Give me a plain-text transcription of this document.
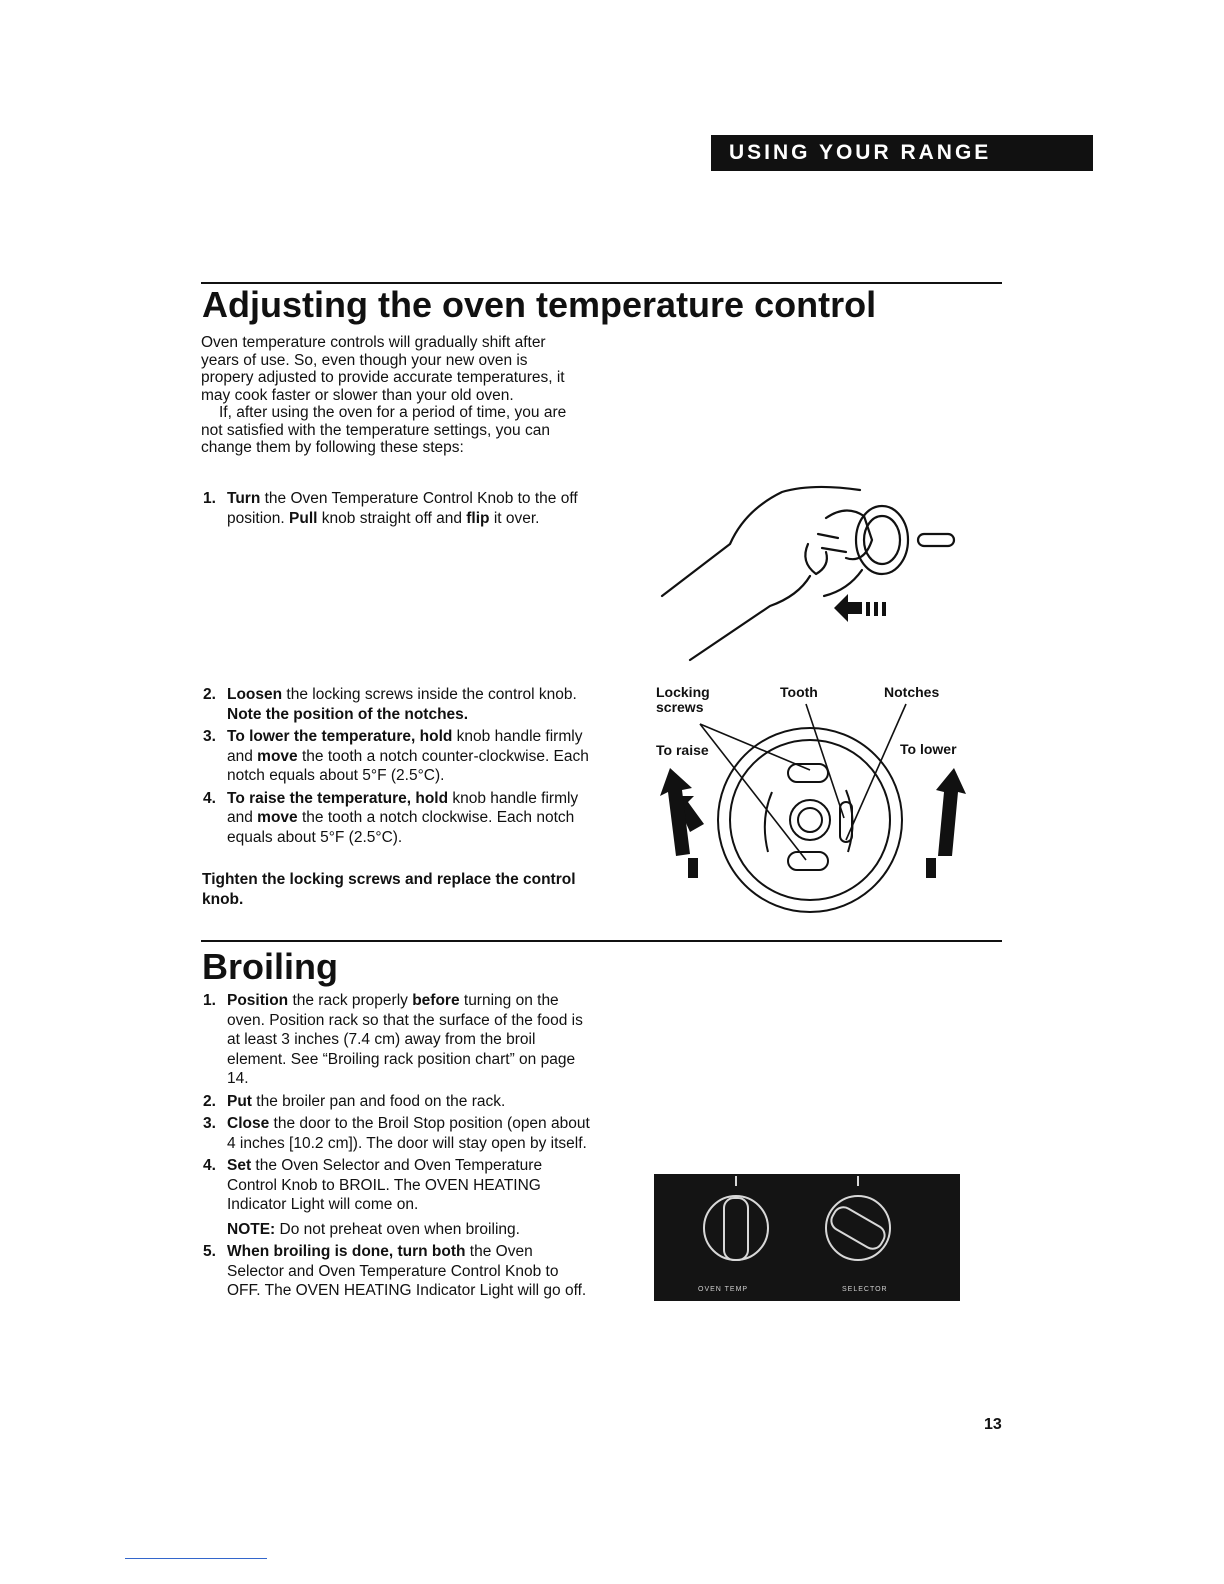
USING YOUR RANGE
Adjusting the oven temperature control

Oven temperature controls will gradually shift after years of use. So, even though your new oven is propery adjusted to provide accurate temperatures, it may cook faster or slower than your old oven.

If, after using the oven for a period of time, you are not satisfied with the temperature settings, you can change them by following these steps:

1. Turn the Oven Temperature Control Knob to the off position. Pull knob straight off and flip it over.
2. Loosen the locking screws inside the control knob. Note the position of the notches.
3. To lower the temperature, hold knob handle firmly and move the tooth a notch counter-clockwise. Each notch equals about 5°F (2.5°C).
4. To raise the temperature, hold knob handle firmly and move the tooth a notch clockwise. Each notch equals about 5°F (2.5°C).

Tighten the locking screws and replace the control knob.

Locking screws
Tooth	Notches
To raise	To lower
Broiling
1. Position the rack properly before turning on the oven. Position rack so that the surface of the food is at least 3 inches (7.4 cm) away from the broil element. See “Broiling rack position chart” on page 14.
2. Put the broiler pan and food on the rack.
3. Close the door to the Broil Stop position (open about 4 inches [10.2 cm]). The door will stay open by itself.
4. Set the Oven Selector and Oven Temperature Control Knob to BROIL. The OVEN HEATING Indicator Light will come on.
NOTE: Do not preheat oven when broiling.
5. When broiling is done, turn both the Oven Selector and Oven Temperature Control Knob to OFF. The OVEN HEATING Indicator Light will go off.	OVEN TEMP	SELECTOR
13
